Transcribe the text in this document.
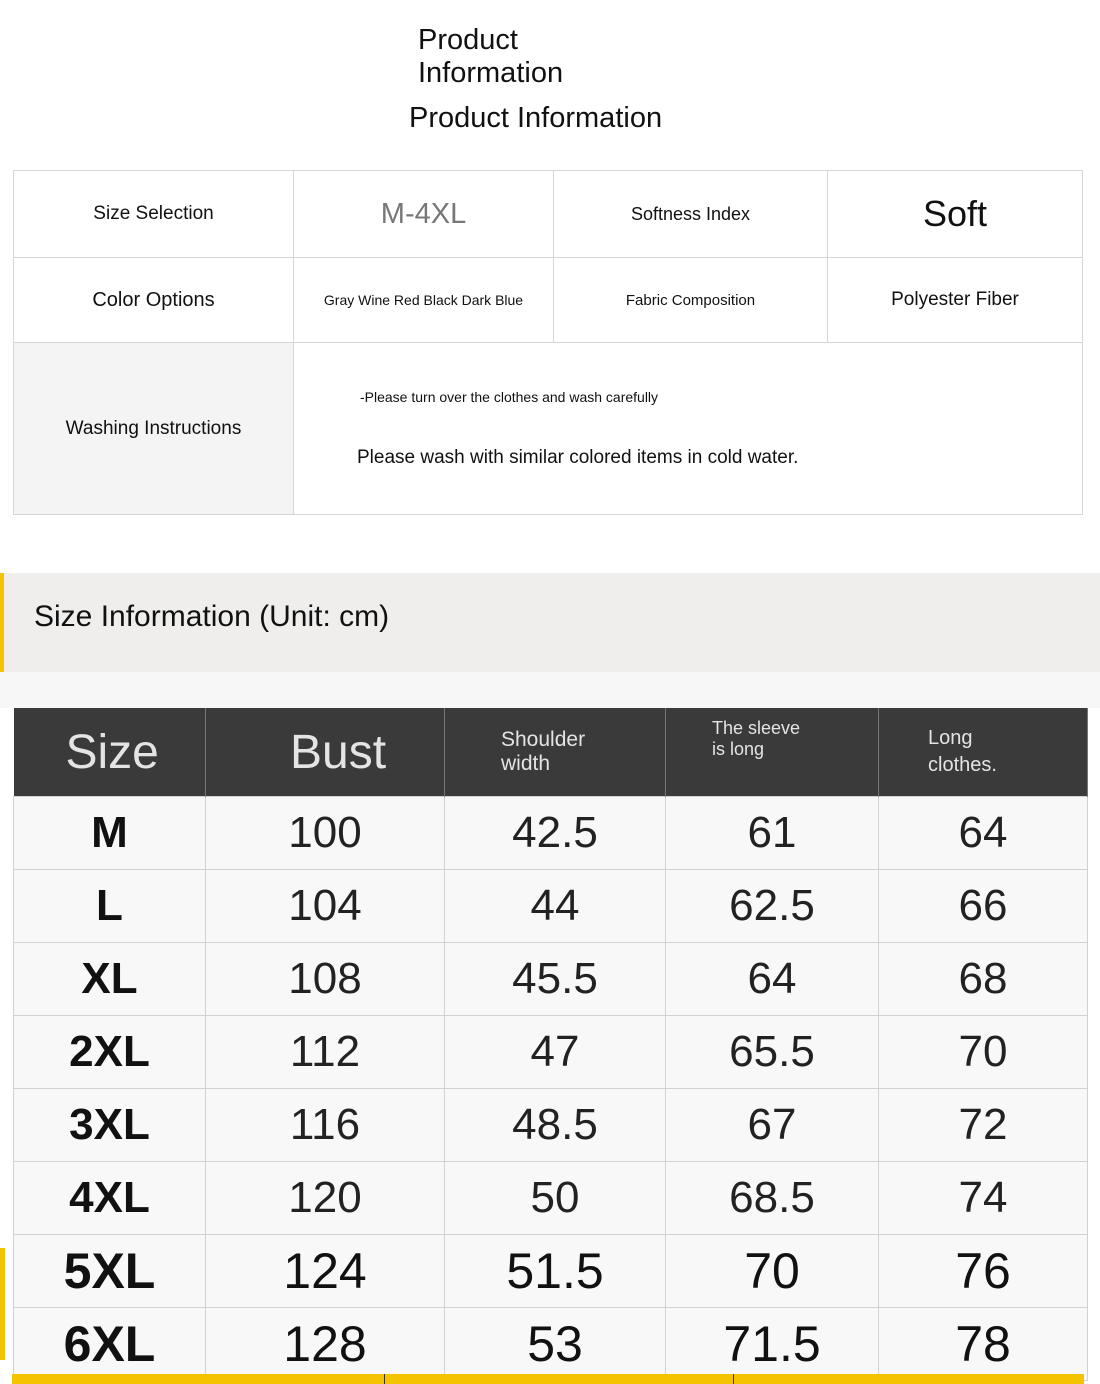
Product Information
Product Information
Size Selection	M-4XL	Softness Index	Soft
Color Options	Gray Wine Red Black Dark Blue	Fabric Composition	Polyester Fiber
Washing Instructions
-Please turn over the clothes and wash carefully
Please wash with similar colored items in cold water.
Size Information (Unit: cm)
Size	Bust	Shoulder width	The sleeve is long	Long clothes.
M	100	42.5	61	64
L	104	44	62.5	66
XL	108	45.5	64	68
2XL	112	47	65.5	70
3XL	116	48.5	67	72
4XL	120	50	68.5	74
5XL	124	51.5	70	76
6XL	128	53	71.5	78
